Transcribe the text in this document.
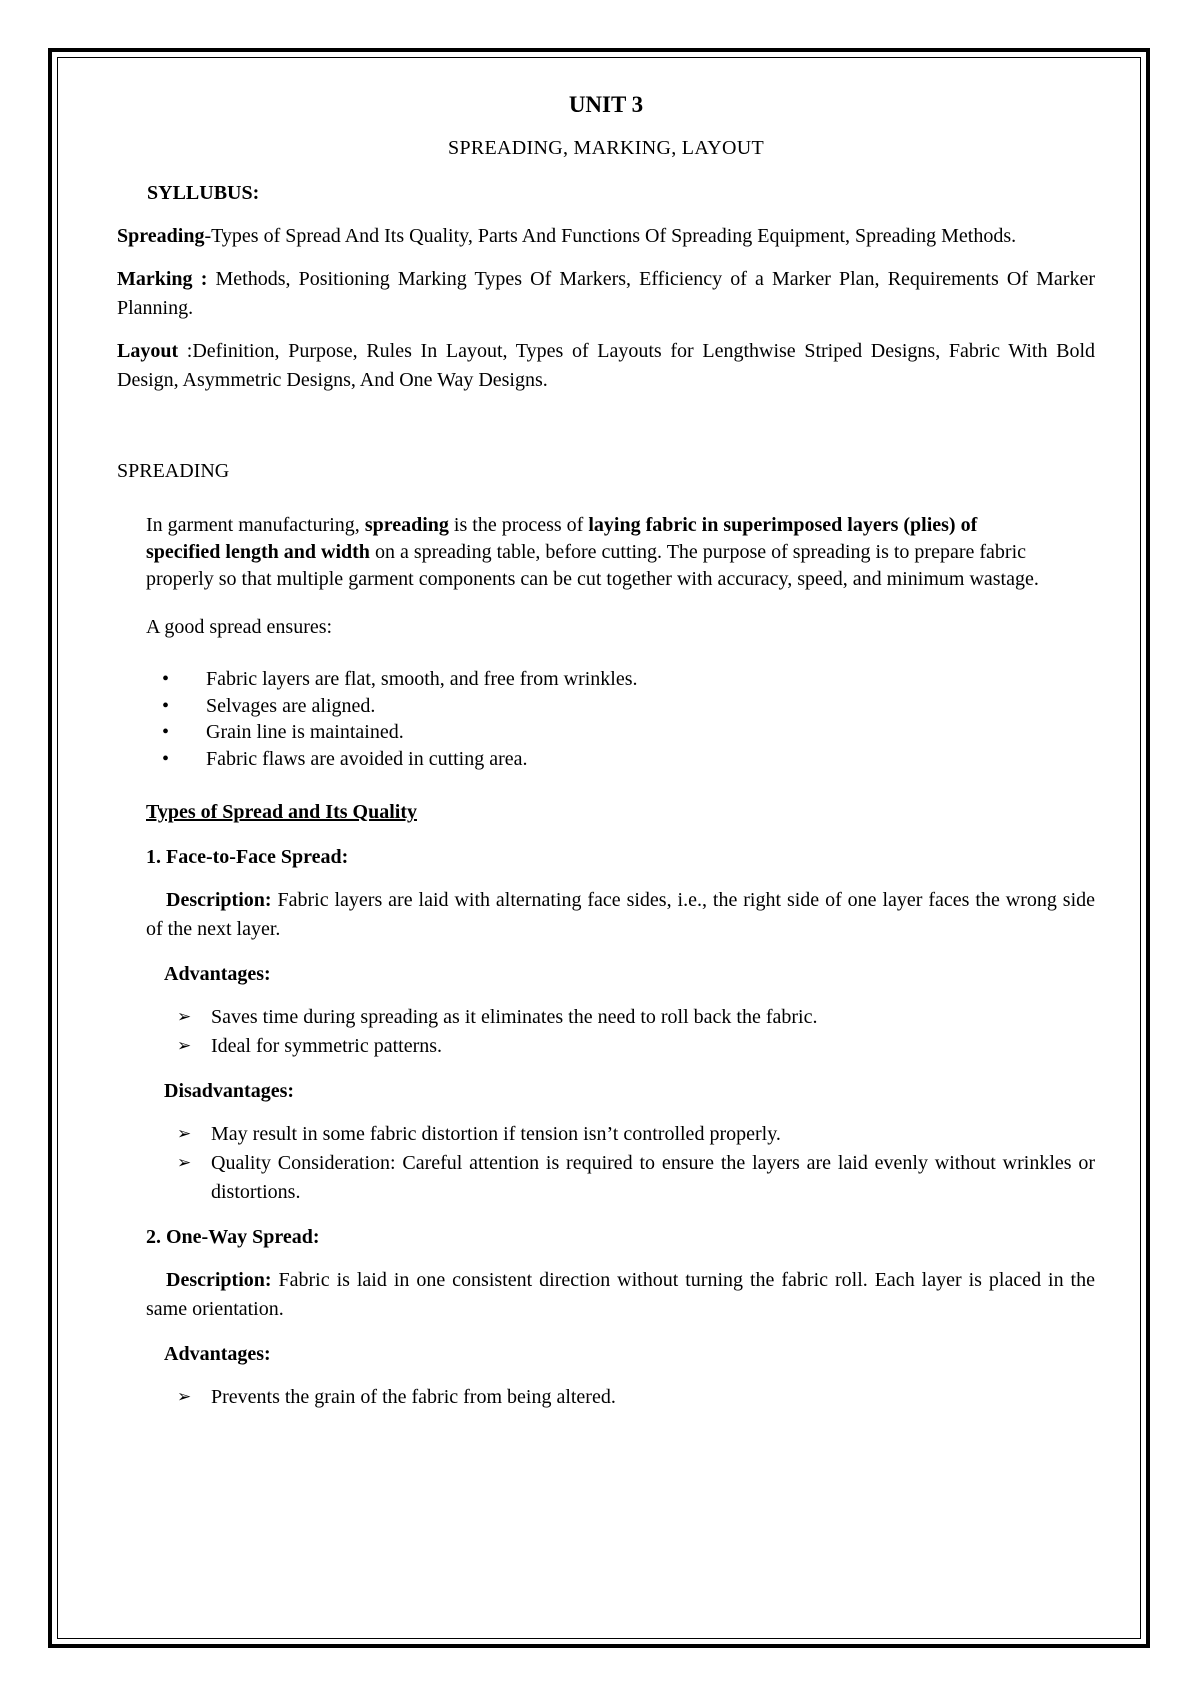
UNIT 3
SPREADING, MARKING, LAYOUT
SYLLUBUS:
Spreading-Types of Spread And Its Quality, Parts And Functions Of Spreading Equipment, Spreading Methods.
Marking : Methods, Positioning Marking Types Of Markers, Efficiency of a Marker Plan, Requirements Of Marker Planning.
Layout :Definition, Purpose, Rules In Layout, Types of Layouts for Lengthwise Striped Designs, Fabric With Bold Design, Asymmetric Designs, And One Way Designs.
SPREADING
In garment manufacturing, spreading is the process of laying fabric in superimposed layers (plies) of specified length and width on a spreading table, before cutting. The purpose of spreading is to prepare fabric properly so that multiple garment components can be cut together with accuracy, speed, and minimum wastage.
A good spread ensures:
• Fabric layers are flat, smooth, and free from wrinkles.
• Selvages are aligned.
• Grain line is maintained.
• Fabric flaws are avoided in cutting area.
Types of Spread and Its Quality
1. Face-to-Face Spread:
Description: Fabric layers are laid with alternating face sides, i.e., the right side of one layer faces the wrong side of the next layer.
Advantages:
➢ Saves time during spreading as it eliminates the need to roll back the fabric.
➢ Ideal for symmetric patterns.
Disadvantages:
➢ May result in some fabric distortion if tension isn’t controlled properly.
➢ Quality Consideration: Careful attention is required to ensure the layers are laid evenly without wrinkles or distortions.
2. One-Way Spread:
Description: Fabric is laid in one consistent direction without turning the fabric roll. Each layer is placed in the same orientation.
Advantages:
➢ Prevents the grain of the fabric from being altered.
